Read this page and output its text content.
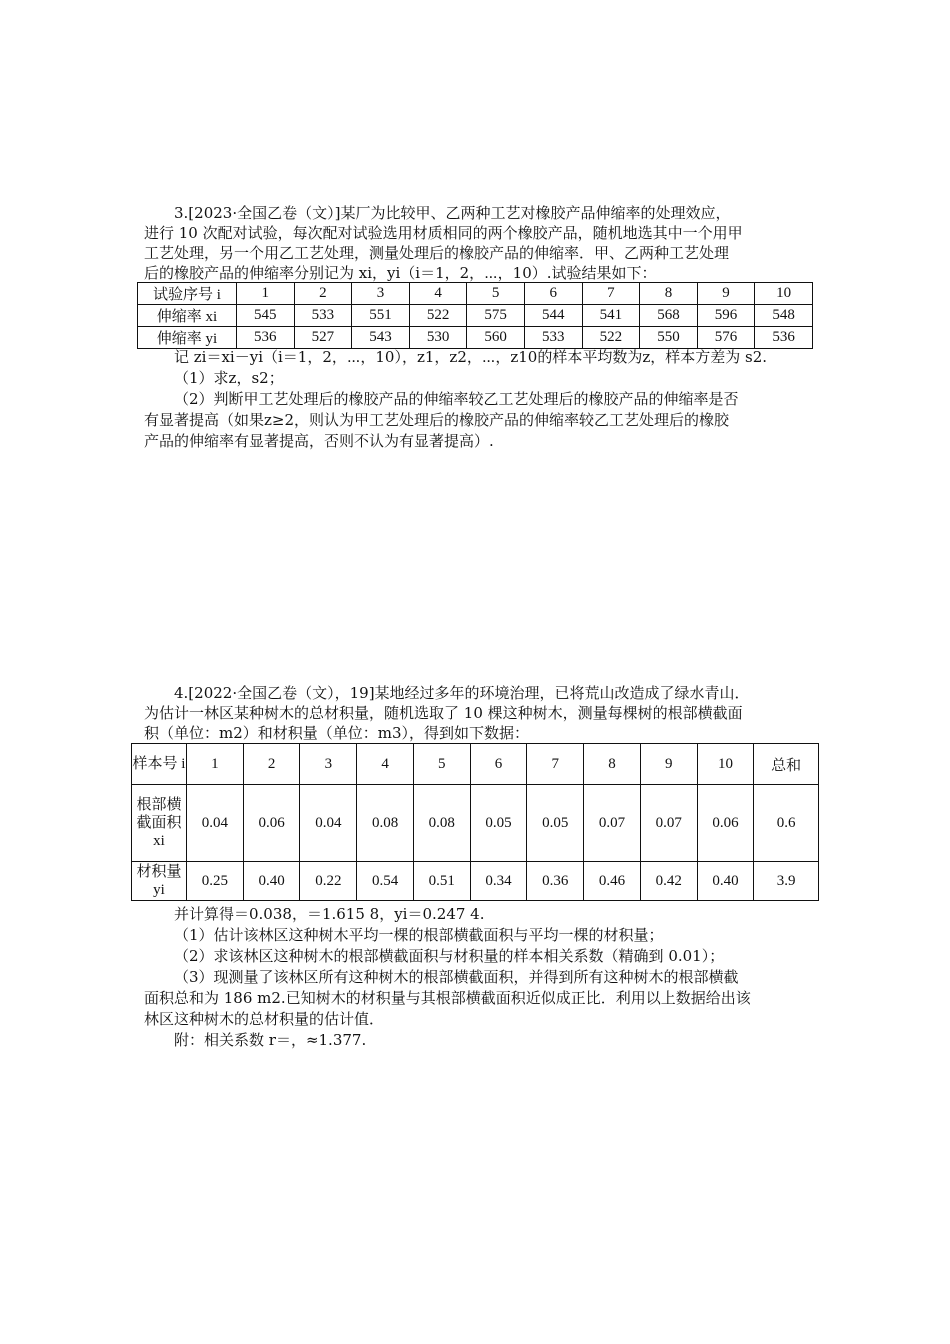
3.[2023·全国乙卷（文）]某厂为比较甲、乙两种工艺对橡胶产品伸缩率的处理效应，

进行 10 次配对试验，每次配对试验选用材质相同的两个橡胶产品，随机地选其中一个用甲

工艺处理，另一个用乙工艺处理，测量处理后的橡胶产品的伸缩率．甲、乙两种工艺处理

后的橡胶产品的伸缩率分别记为 xi，yi（i＝1，2，⋯，10）.试验结果如下：

试验序号 i	1	2	3	4	5	6	7	8	9	10
伸缩率 xi	545	533	551	522	575	544	541	568	596	548
伸缩率 yi	536	527	543	530	560	533	522	550	576	536

记 zi＝xi－yi（i＝1，2，⋯，10），z1，z2，⋯，z10的样本平均数为z，样本方差为 s2.

（1）求z，s2；

（2）判断甲工艺处理后的橡胶产品的伸缩率较乙工艺处理后的橡胶产品的伸缩率是否

有显著提高（如果z≥2，则认为甲工艺处理后的橡胶产品的伸缩率较乙工艺处理后的橡胶

产品的伸缩率有显著提高，否则不认为有显著提高）.

4.[2022·全国乙卷（文），19]某地经过多年的环境治理，已将荒山改造成了绿水青山．

为估计一林区某种树木的总材积量，随机选取了 10 棵这种树木，测量每棵树的根部横截面

积（单位：m2）和材积量（单位：m3），得到如下数据：

样本号 i	1	2	3	4	5	6	7	8	9	10	总和
根部横截面积 xi	0.04	0.06	0.04	0.08	0.08	0.05	0.05	0.07	0.07	0.06	0.6
材积量 yi	0.25	0.40	0.22	0.54	0.51	0.34	0.36	0.46	0.42	0.40	3.9

并计算得＝0.038，＝1.615 8，yi＝0.247 4.

（1）估计该林区这种树木平均一棵的根部横截面积与平均一棵的材积量；

（2）求该林区这种树木的根部横截面积与材积量的样本相关系数（精确到 0.01）；

（3）现测量了该林区所有这种树木的根部横截面积，并得到所有这种树木的根部横截

面积总和为 186 m2.已知树木的材积量与其根部横截面积近似成正比．利用以上数据给出该

林区这种树木的总材积量的估计值．

附：相关系数 r＝，≈1.377.
